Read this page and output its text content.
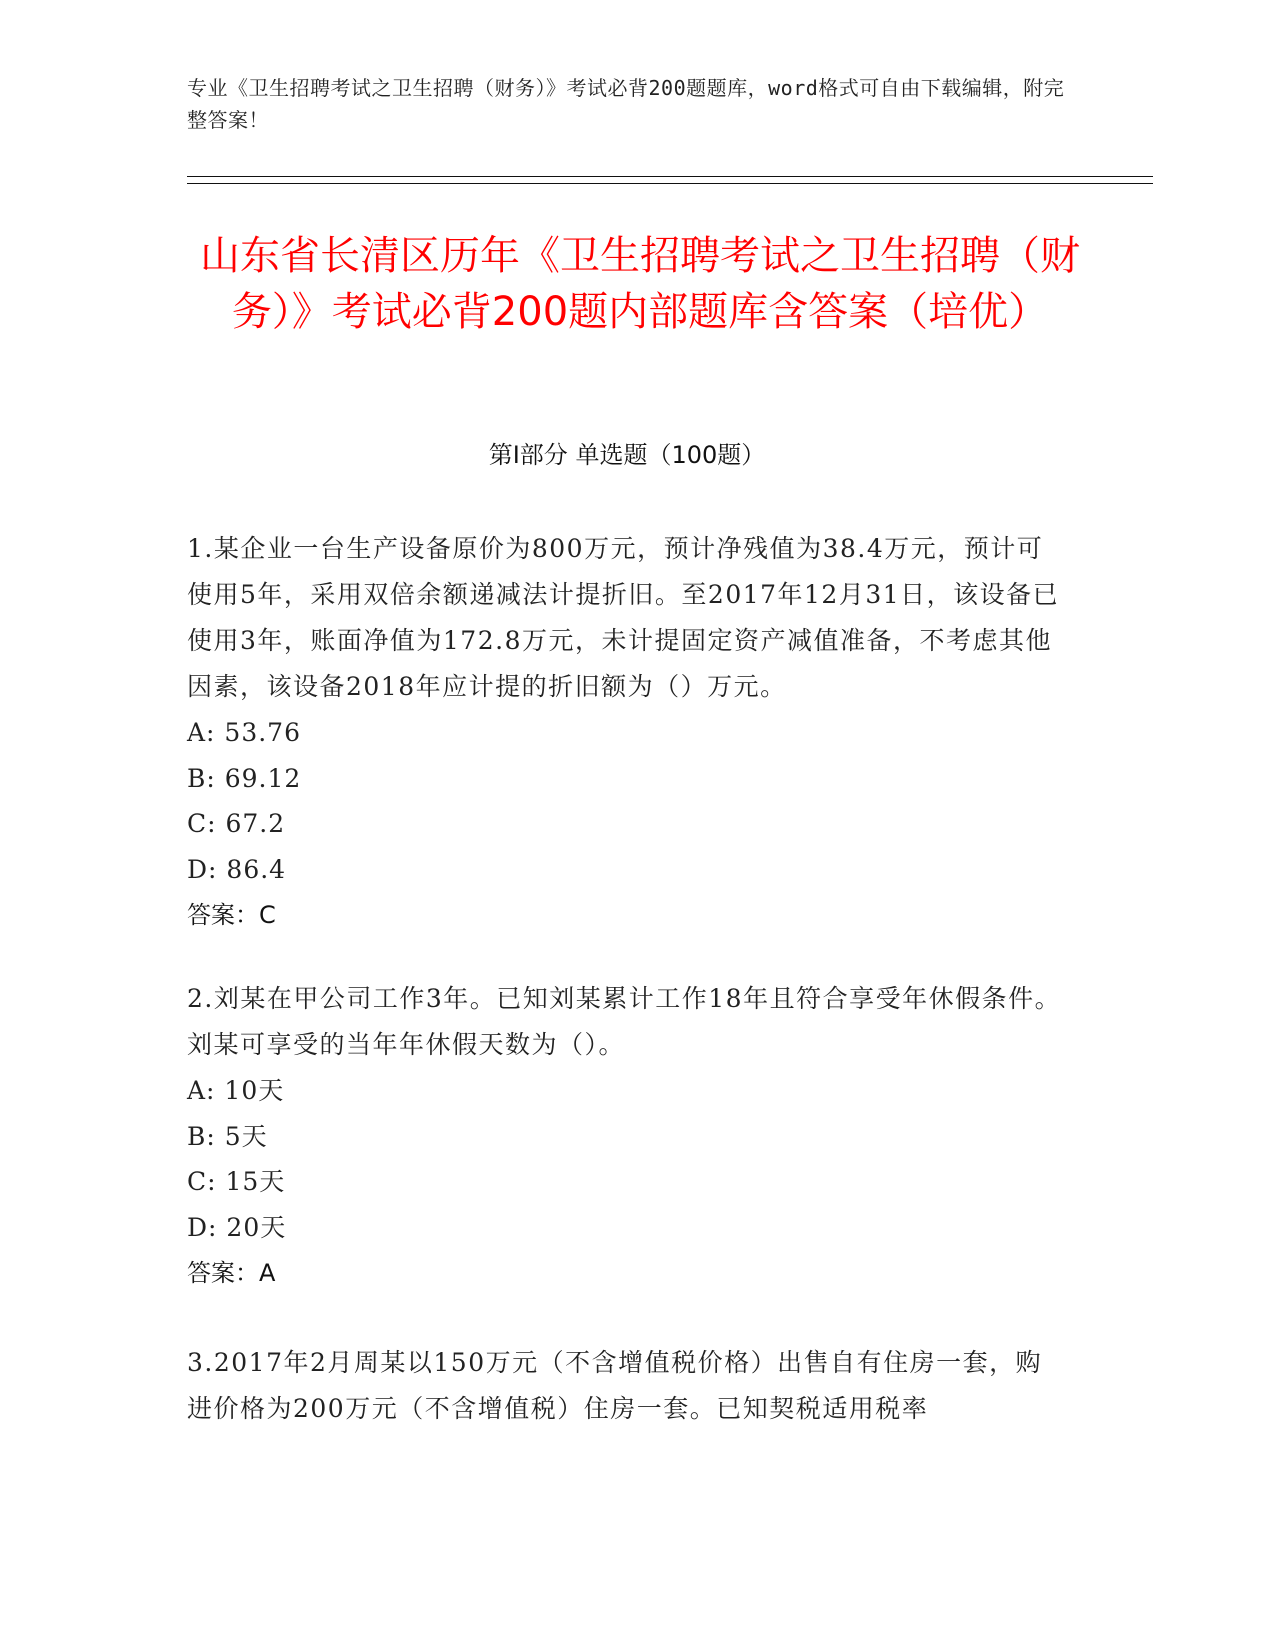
专业《卫生招聘考试之卫生招聘（财务）》考试必背200题题库，word格式可自由下载编辑，附完整答案！
山东省长清区历年《卫生招聘考试之卫生招聘（财务）》考试必背200题内部题库含答案（培优）
第Ⅰ部分 单选题（100题）
1.某企业一台生产设备原价为800万元，预计净残值为38.4万元，预计可使用5年，采用双倍余额递减法计提折旧。至2017年12月31日，该设备已使用3年，账面净值为172.8万元，未计提固定资产减值准备，不考虑其他因素，该设备2018年应计提的折旧额为（）万元。
A: 53.76
B: 69.12
C: 67.2
D: 86.4
答案：C
2.刘某在甲公司工作3年。已知刘某累计工作18年且符合享受年休假条件。刘某可享受的当年年休假天数为（）。
A: 10天
B: 5天
C: 15天
D: 20天
答案：A
3.2017年2月周某以150万元（不含增值税价格）出售自有住房一套，购进价格为200万元（不含增值税）住房一套。已知契税适用税率
